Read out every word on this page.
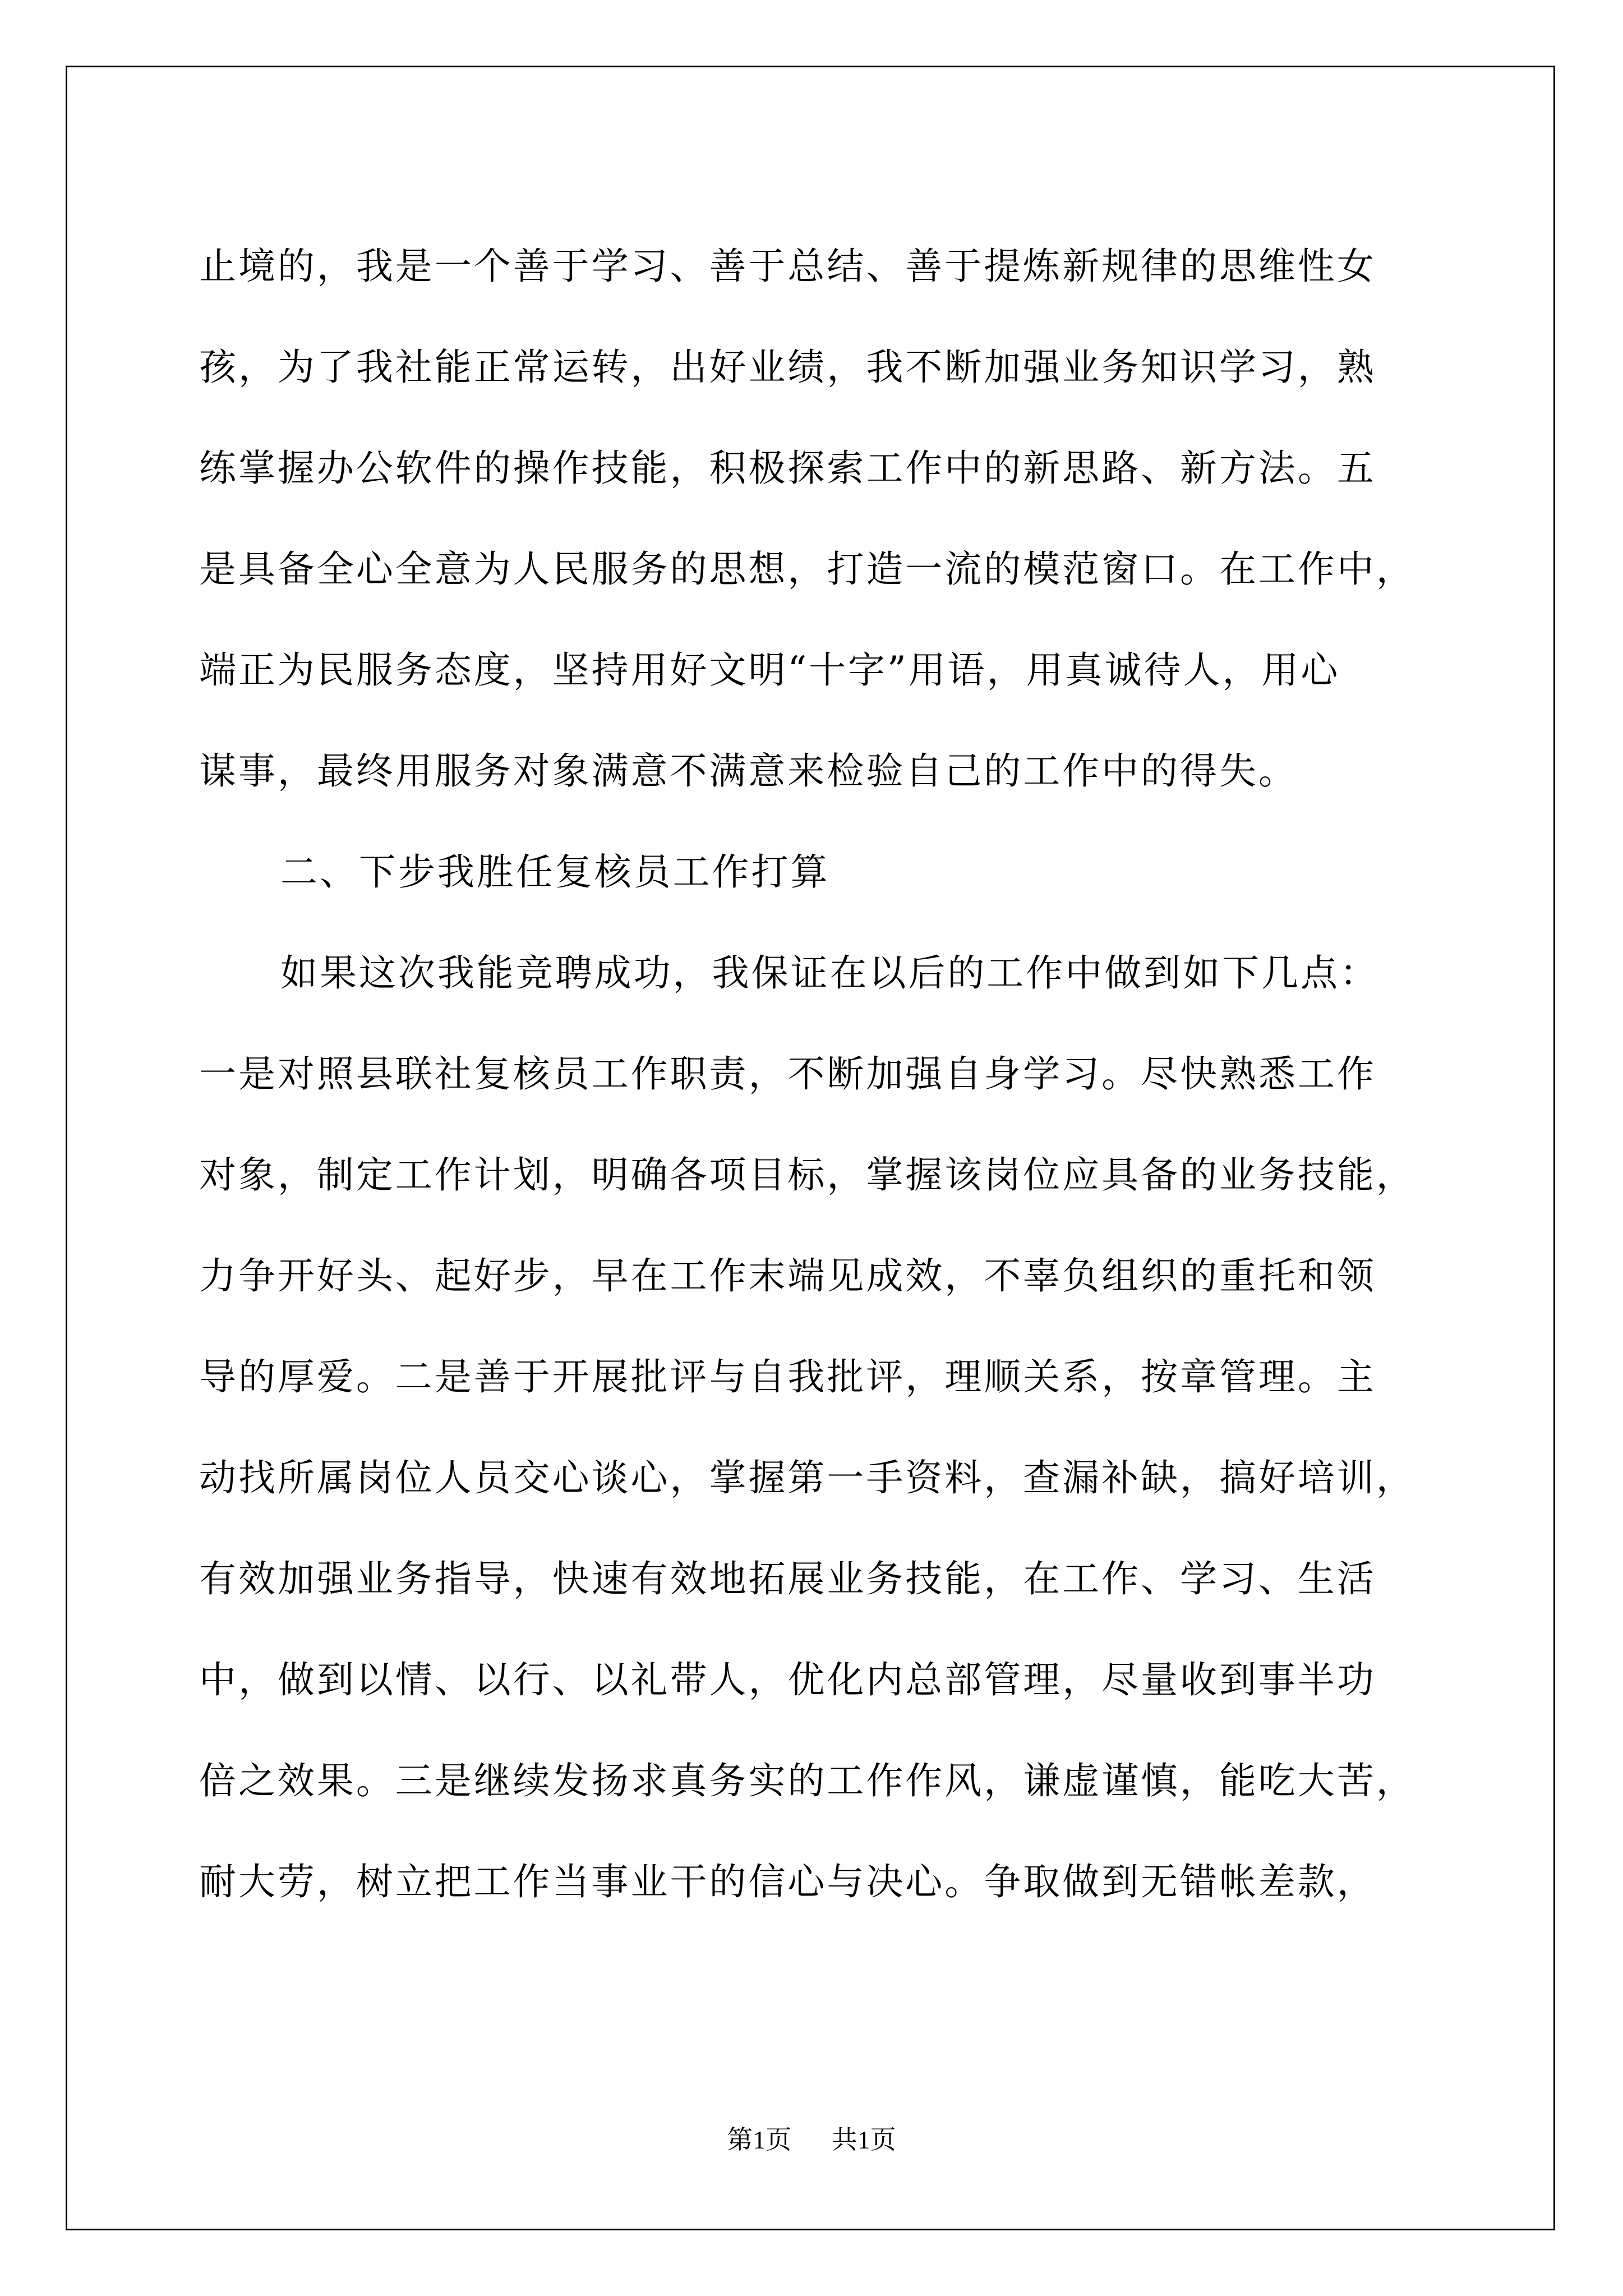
止境的，我是一个善于学习、善于总结、善于提炼新规律的思维性女
孩，为了我社能正常运转，出好业绩，我不断加强业务知识学习，熟
练掌握办公软件的操作技能，积极探索工作中的新思路、新方法。五
是具备全心全意为人民服务的思想，打造一流的模范窗口。在工作中，
端正为民服务态度，坚持用好文明“十字”用语，用真诚待人，用心
谋事，最终用服务对象满意不满意来检验自己的工作中的得失。
二、下步我胜任复核员工作打算
如果这次我能竞聘成功，我保证在以后的工作中做到如下几点：
一是对照县联社复核员工作职责，不断加强自身学习。尽快熟悉工作
对象，制定工作计划，明确各项目标，掌握该岗位应具备的业务技能，
力争开好头、起好步，早在工作末端见成效，不辜负组织的重托和领
导的厚爱。二是善于开展批评与自我批评，理顺关系，按章管理。主
动找所属岗位人员交心谈心，掌握第一手资料，查漏补缺，搞好培训，
有效加强业务指导，快速有效地拓展业务技能，在工作、学习、生活
中，做到以情、以行、以礼带人，优化内总部管理，尽量收到事半功
倍之效果。三是继续发扬求真务实的工作作风，谦虚谨慎，能吃大苦，
耐大劳，树立把工作当事业干的信心与决心。争取做到无错帐差款，
第1页 共1页
